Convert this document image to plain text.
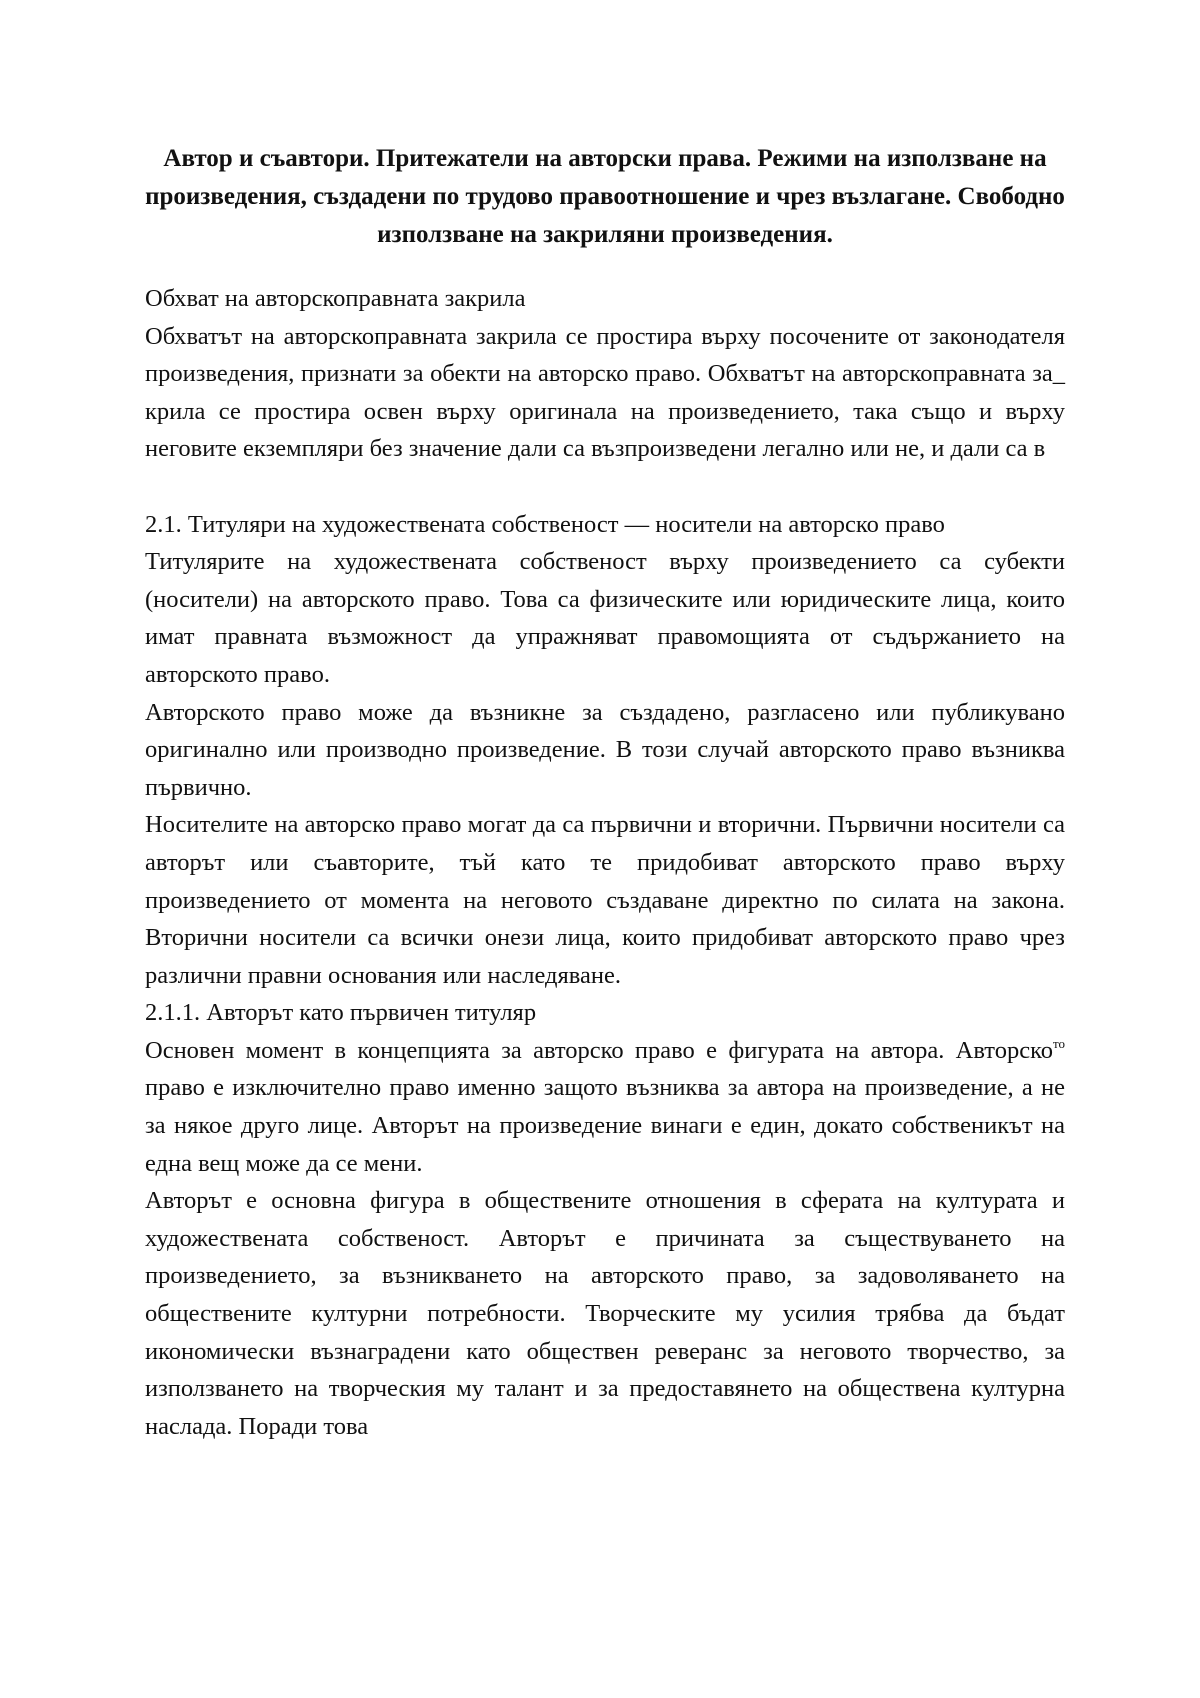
Автор и съавтори. Притежатели на авторски права. Режими на използване на произведения, създадени по трудово правоотношение и чрез възлагане. Свободно използване на закриляни произведения.

Обхват на авторскоправната закрила

Обхватът на авторскоправната закрила се простира върху посочените от законодателя произведения, признати за обекти на авторско право. Обхватът на авторскоправната за_ крила се простира освен върху оригинала на произведението, така също и върху неговите екземпляри без значение дали са възпроизведени легално или не, и дали са в

2.1. Титуляри на художествената собственост — носители на авторско право

Титулярите на художествената собственост върху произведението са субекти (носители) на авторското право. Това са физическите или юридическите лица, които имат правната възможност да упражняват правомощията от съдържанието на авторското право.

Авторското право може да възникне за създадено, разгласено или публикувано оригинално или производно произведение. В този случай авторското право възниква първично.

Носителите на авторско право могат да са първични и вторични. Първични носители са авторът или съавторите, тъй като те придобиват авторското право върху произведението от момента на неговото създаване директно по силата на закона. Вторични носители са всички онези лица, които придобиват авторското право чрез различни правни основания или наследяване.

2.1.1. Авторът като първичен титуляр

Основен момент в концепцията за авторско право е фигурата на автора. Авторско$^{то}$ право е изключително право именно защото възниква за автора на произведение, а не за някое друго лице. Авторът на произведение винаги е един, докато собственикът на една вещ може да се мени.

Авторът е основна фигура в обществените отношения в сферата на културата и художествената собственост. Авторът е причината за съществуването на произведението, за възникването на авторското право, за задоволяването на обществените културни потребности. Творческите му усилия трябва да бъдат икономически възнаградени като обществен реверанс за неговото творчество, за използването на творческия му талант и за предоставянето на обществена културна наслада. Поради това
